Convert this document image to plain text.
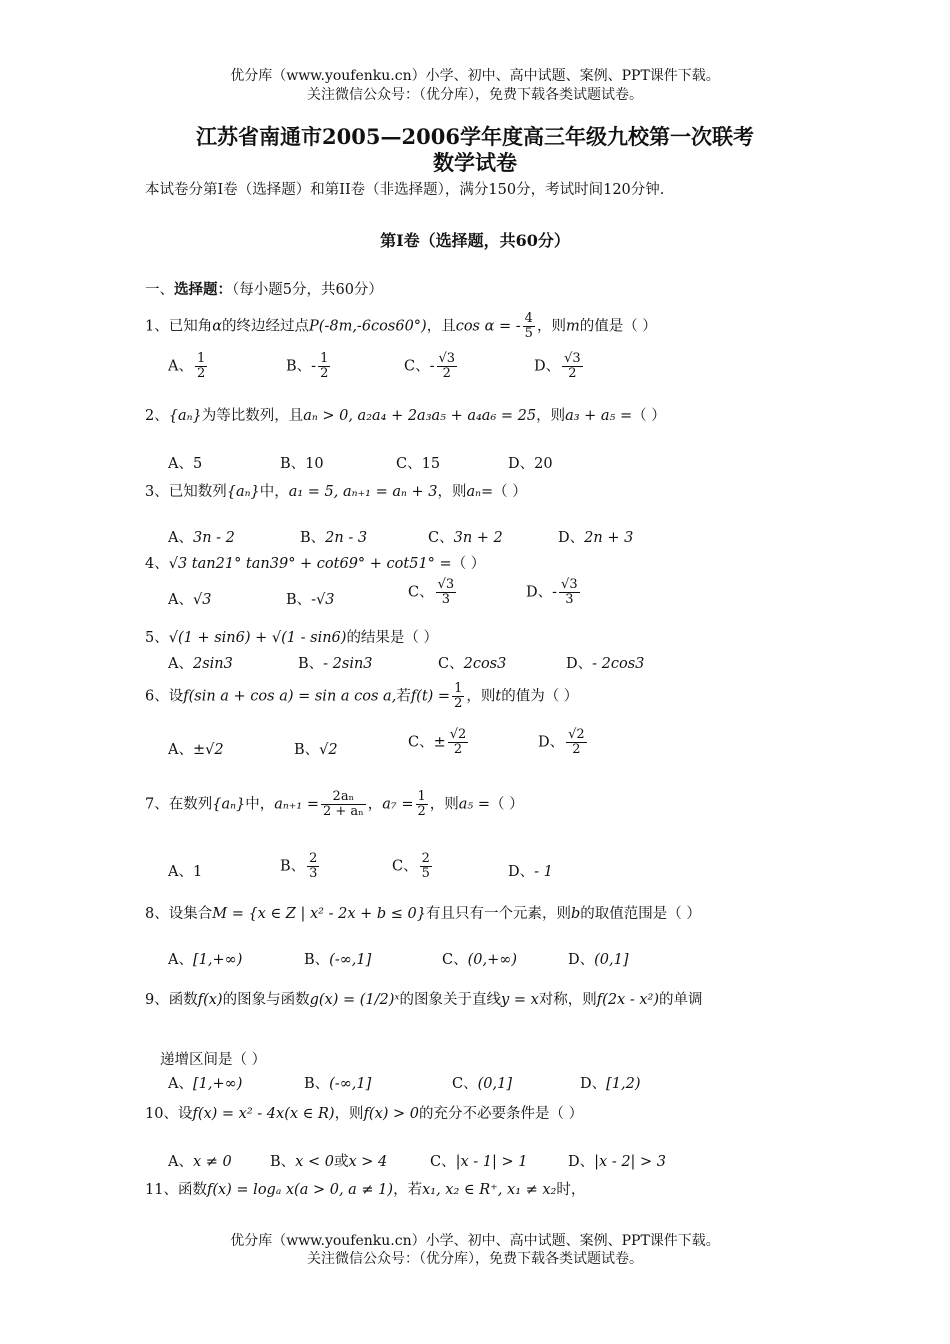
优分库（www.youfenku.cn）小学、初中、高中试题、案例、PPT课件下载。
关注微信公众号：（优分库），免费下载各类试题试卷。
江苏省南通市2005—2006学年度高三年级九校第一次联考
数学试卷
本试卷分第I卷（选择题）和第II卷（非选择题），满分150分，考试时间120分钟.
第I卷（选择题，共60分）
一、选择题：（每小题5分，共60分）
1、已知角α的终边经过点P(-8m,-6cos60°)，且cos α = - $\frac{4}{5}$ ，则m的值是（ ）
A、 $\frac{1}{2}$	B、- $\frac{1}{2}$	C、- $\frac{√3}{2}$	D、 $\frac{√3}{2}$
2、{aₙ}为等比数列，且aₙ > 0, a₂a₄ + 2a₃a₅ + a₄a₆ = 25，则a₃ + a₅ =（ ）
A、5	B、10	C、15	D、20
3、已知数列{aₙ}中，a₁ = 5, aₙ₊₁ = aₙ + 3，则aₙ=（ ）
A、3n - 2	B、2n - 3	C、3n + 2	D、2n + 3
4、√3 tan21° tan39° + cot69° + cot51° =（ ）
A、√3	B、-√3	C、 $\frac{√3}{3}$	D、- $\frac{√3}{3}$
5、√(1 + sin6) + √(1 - sin6)的结果是（ ）
A、2sin3	B、- 2sin3	C、2cos3	D、- 2cos3
6、设f(sin a + cos a) = sin a cos a,若$f(t) = \frac{1}{2}$ ，则t的值为（ ）
A、±√2	B、√2	C、± $\frac{√2}{2}$	D、 $\frac{√2}{2}$
7、在数列{aₙ}中，$a_{n+1} = \frac{\text{2aₙ}}{\text{2 + aₙ}}$ ，$a_7 = \frac{1}{2}$ ，则a₅ =（ ）
A、1	B、 $\frac{2}{3}$	C、 $\frac{2}{5}$	D、- 1
8、设集合M = {x ∈ Z | x² - 2x + b ≤ 0}有且只有一个元素，则b的取值范围是（ ）
A、[1,+∞)	B、(-∞,1]	C、(0,+∞)	D、(0,1]
9、函数f(x)的图象与函数g(x) = (1/2)ˣ的图象关于直线y = x对称，则f(2x - x²)的单调
递增区间是（ ）
A、[1,+∞)	B、(-∞,1]	C、(0,1]	D、[1,2)
10、设f(x) = x² - 4x(x ∈ R)，则f(x) > 0的充分不必要条件是（ ）
A、x ≠ 0	B、x < 0或x > 4	C、|x - 1| > 1	D、|x - 2| > 3
11、函数f(x) = logₐ x(a > 0, a ≠ 1)，若x₁, x₂ ∈ R⁺, x₁ ≠ x₂时，
优分库（www.youfenku.cn）小学、初中、高中试题、案例、PPT课件下载。
关注微信公众号：（优分库），免费下载各类试题试卷。
